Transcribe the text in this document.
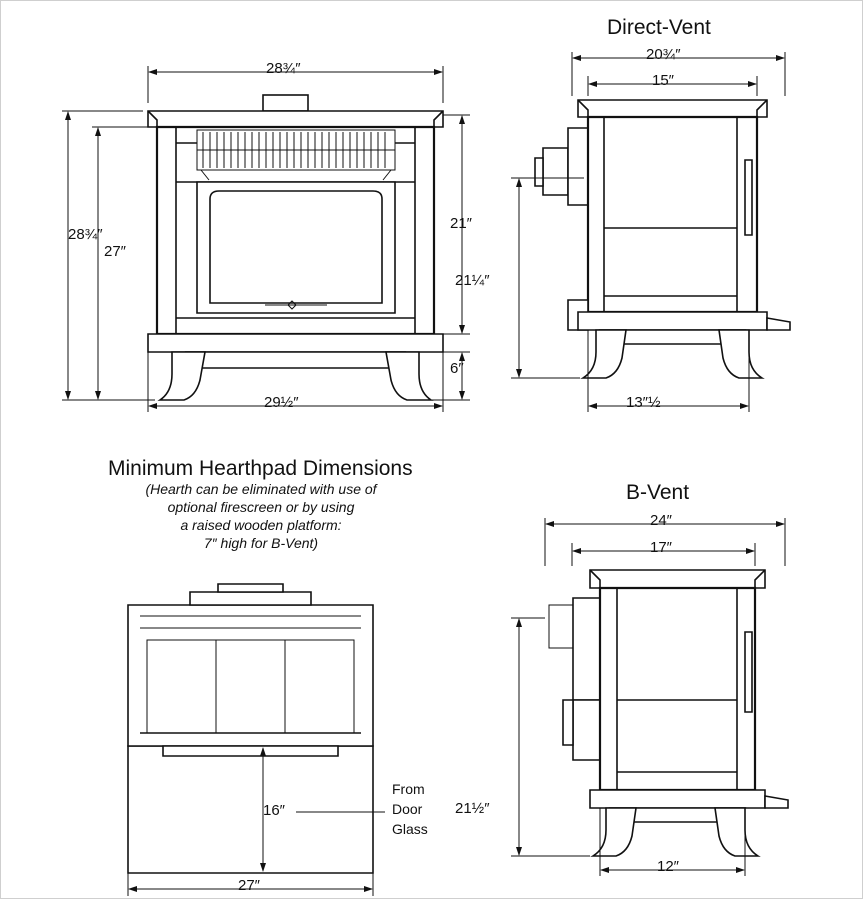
28¾″
29½″
28¾″
27″
21″
6″
Direct-Vent
20¾″
15″
21¼″
13″½
B-Vent
24″
17″
21½″
12″
Minimum Hearthpad Dimensions
(Hearth can be eliminated with use of
optional firescreen or by using
a raised wooden platform:
7″ high for B-Vent)
16″
27″
From
Door
Glass
